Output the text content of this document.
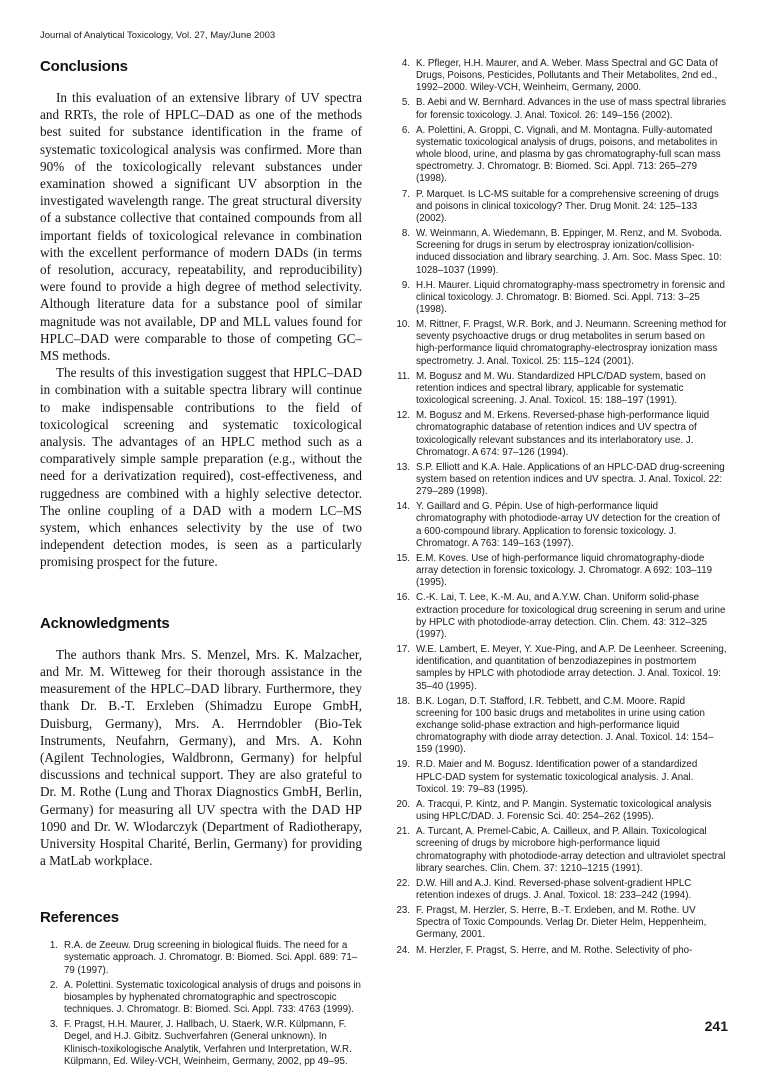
Journal of Analytical Toxicology, Vol. 27, May/June 2003
Conclusions

In this evaluation of an extensive library of UV spectra and RRTs, the role of HPLC–DAD as one of the methods best suited for substance identification in the frame of systematic toxicological analysis was confirmed. More than 90% of the toxicologically relevant substances under examination showed a significant UV absorption in the investigated wavelength range. The great structural diversity of a substance collective that contained compounds from all important fields of toxicological relevance in combination with the excellent performance of modern DADs (in terms of resolution, accuracy, repeatability, and reproducibility) were found to provide a high degree of method selectivity. Although literature data for a substance pool of similar magnitude was not available, DP and MLL values found for HPLC–DAD were comparable to those of competing GC–MS methods.

The results of this investigation suggest that HPLC–DAD in combination with a suitable spectra library will continue to make indispensable contributions to the field of toxicological screening and systematic toxicological analysis. The advantages of an HPLC method such as a comparatively simple sample preparation (e.g., without the need for a derivatization required), cost-effectiveness, and ruggedness are combined with a highly selective detector. The online coupling of a DAD with a modern LC–MS system, which enhances selectivity by the use of two independent detection modes, is seen as a particularly promising prospect for the future.

Acknowledgments

The authors thank Mrs. S. Menzel, Mrs. K. Malzacher, and Mr. M. Witteweg for their thorough assistance in the measurement of the HPLC–DAD library. Furthermore, they thank Dr. B.-T. Erxleben (Shimadzu Europe GmbH, Duisburg, Germany), Mrs. A. Herrndobler (Bio-Tek Instruments, Neufahrn, Germany), and Mrs. A. Kohn (Agilent Technologies, Waldbronn, Germany) for helpful discussions and technical support. They are also grateful to Dr. M. Rothe (Lung and Thorax Diagnostics GmbH, Berlin, Germany) for measuring all UV spectra with the DAD HP 1090 and Dr. W. Wlodarczyk (Department of Radiotherapy, University Hospital Charité, Berlin, Germany) for providing a MatLab workplace.

References
1. R.A. de Zeeuw. Drug screening in biological fluids. The need for a systematic approach. J. Chromatogr. B: Biomed. Sci. Appl. 689: 71–79 (1997).
2. A. Polettini. Systematic toxicological analysis of drugs and poisons in biosamples by hyphenated chromatographic and spectroscopic techniques. J. Chromatogr. B: Biomed. Sci. Appl. 733: 4763 (1999).
3. F. Pragst, H.H. Maurer, J. Hallbach, U. Staerk, W.R. Külpmann, F. Degel, and H.J. Gibitz. Suchverfahren (General unknown). In Klinisch-toxikologische Analytik, Verfahren und Interpretation, W.R. Külpmann, Ed. Wiley-VCH, Weinheim, Germany, 2002, pp 49–95.
4. K. Pfleger, H.H. Maurer, and A. Weber. Mass Spectral and GC Data of Drugs, Poisons, Pesticides, Pollutants and Their Metabolites, 2nd ed., 1992–2000. Wiley-VCH, Weinheim, Germany, 2000.
5. B. Aebi and W. Bernhard. Advances in the use of mass spectral libraries for forensic toxicology. J. Anal. Toxicol. 26: 149–156 (2002).
6. A. Polettini, A. Groppi, C. Vignali, and M. Montagna. Fully-automated systematic toxicological analysis of drugs, poisons, and metabolites in whole blood, urine, and plasma by gas chromatography-full scan mass spectrometry. J. Chromatogr. B: Biomed. Sci. Appl. 713: 265–279 (1998).
7. P. Marquet. Is LC-MS suitable for a comprehensive screening of drugs and poisons in clinical toxicology? Ther. Drug Monit. 24: 125–133 (2002).
8. W. Weinmann, A. Wiedemann, B. Eppinger, M. Renz, and M. Svoboda. Screening for drugs in serum by electrospray ionization/collision-induced dissociation and library searching. J. Am. Soc. Mass Spec. 10: 1028–1037 (1999).
9. H.H. Maurer. Liquid chromatography-mass spectrometry in forensic and clinical toxicology. J. Chromatogr. B: Biomed. Sci. Appl. 713: 3–25 (1998).
10. M. Rittner, F. Pragst, W.R. Bork, and J. Neumann. Screening method for seventy psychoactive drugs or drug metabolites in serum based on high-performance liquid chromatography-electrospray ionization mass spectrometry. J. Anal. Toxicol. 25: 115–124 (2001).
11. M. Bogusz and M. Wu. Standardized HPLC/DAD system, based on retention indices and spectral library, applicable for systematic toxicological screening. J. Anal. Toxicol. 15: 188–197 (1991).
12. M. Bogusz and M. Erkens. Reversed-phase high-performance liquid chromatographic database of retention indices and UV spectra of toxicologically relevant substances and its interlaboratory use. J. Chromatogr. A 674: 97–126 (1994).
13. S.P. Elliott and K.A. Hale. Applications of an HPLC-DAD drug-screening system based on retention indices and UV spectra. J. Anal. Toxicol. 22: 279–289 (1998).
14. Y. Gaillard and G. Pépin. Use of high-performance liquid chromatography with photodiode-array UV detection for the creation of a 600-compound library. Application to forensic toxicology. J. Chromatogr. A 763: 149–163 (1997).
15. E.M. Koves. Use of high-performance liquid chromatography-diode array detection in forensic toxicology. J. Chromatogr. A 692: 103–119 (1995).
16. C.-K. Lai, T. Lee, K.-M. Au, and A.Y.W. Chan. Uniform solid-phase extraction procedure for toxicological drug screening in serum and urine by HPLC with photodiode-array detection. Clin. Chem. 43: 312–325 (1997).
17. W.E. Lambert, E. Meyer, Y. Xue-Ping, and A.P. De Leenheer. Screening, identification, and quantitation of benzodiazepines in postmortem samples by HPLC with photodiode array detection. J. Anal. Toxicol. 19: 35–40 (1995).
18. B.K. Logan, D.T. Stafford, I.R. Tebbett, and C.M. Moore. Rapid screening for 100 basic drugs and metabolites in urine using cation exchange solid-phase extraction and high-performance liquid chromatography with diode array detection. J. Anal. Toxicol. 14: 154–159 (1990).
19. R.D. Maier and M. Bogusz. Identification power of a standardized HPLC-DAD system for systematic toxicological analysis. J. Anal. Toxicol. 19: 79–83 (1995).
20. A. Tracqui, P. Kintz, and P. Mangin. Systematic toxicological analysis using HPLC/DAD. J. Forensic Sci. 40: 254–262 (1995).
21. A. Turcant, A. Premel-Cabic, A. Cailleux, and P. Allain. Toxicological screening of drugs by microbore high-performance liquid chromatography with photodiode-array detection and ultraviolet spectral library searches. Clin. Chem. 37: 1210–1215 (1991).
22. D.W. Hill and A.J. Kind. Reversed-phase solvent-gradient HPLC retention indexes of drugs. J. Anal. Toxicol. 18: 233–242 (1994).
23. F. Pragst, M. Herzler, S. Herre, B.-T. Erxleben, and M. Rothe. UV Spectra of Toxic Compounds. Verlag Dr. Dieter Helm, Heppenheim, Germany, 2001.
24. M. Herzler, F. Pragst, S. Herre, and M. Rothe. Selectivity of pho-
241
